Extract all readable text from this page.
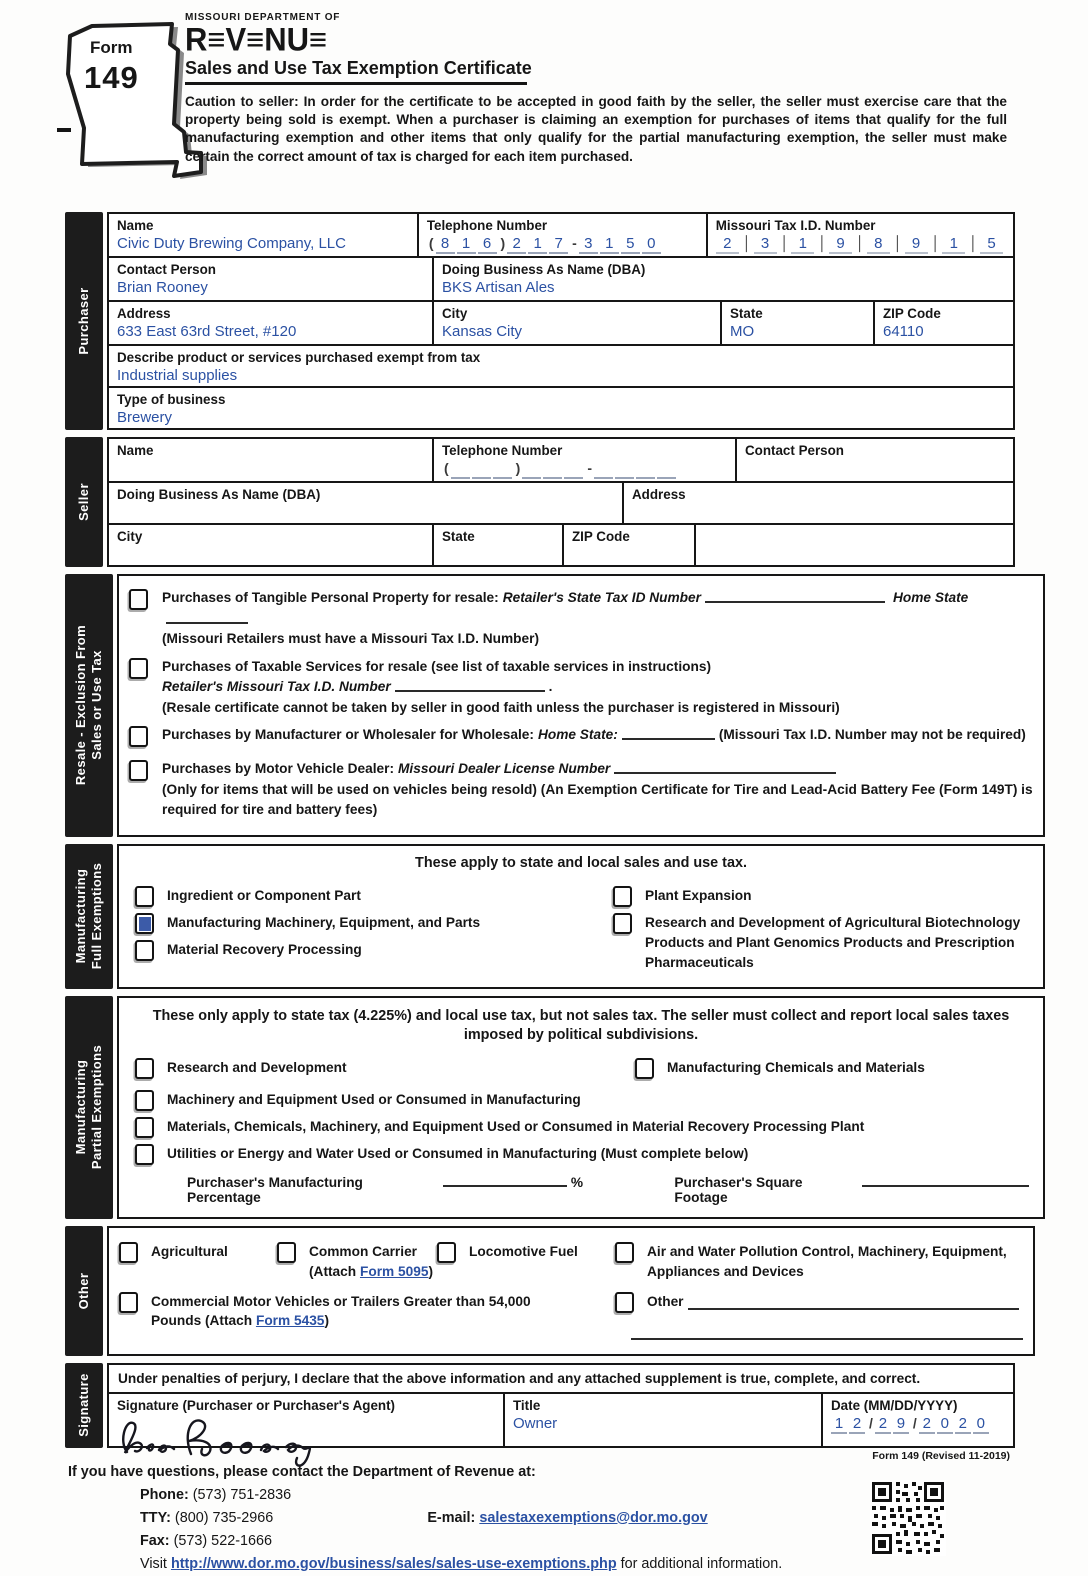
Form
149
MISSOURI DEPARTMENT OF
R≡V≡NU≡
Sales and Use Tax Exemption Certificate
Caution to seller: In order for the certificate to be accepted in good faith by the seller, the seller must exercise care that the property being sold is exempt. When a purchaser is claiming an exemption for purchases of items that qualify for the full manufacturing exemption and other items that only qualify for the partial manufacturing exemption, the seller must make certain the correct amount of tax is charged for each item purchased.
Purchaser
Name
Civic Duty Brewing Company, LLC
Telephone Number
( 8 1 6 ) 2 1 7 - 3 1 5 0
Missouri Tax I.D. Number
2 │ 3 │ 1 │ 9 │ 8 │ 9 │ 1 │ 5
Contact Person
Brian Rooney
Doing Business As Name (DBA)
BKS Artisan Ales
Address
633 East 63rd Street, #120
City
Kansas City
State
MO
ZIP Code
64110
Describe product or services purchased exempt from tax
Industrial supplies
Type of business
Brewery
Seller
Name	Telephone Number
(	)	-
Contact Person
Doing Business As Name (DBA)	Address
City	State	ZIP Code
Resale - Exclusion From Sales or Use Tax
Purchases of Tangible Personal Property for resale: Retailer's State Tax ID Number	Home State
(Missouri Retailers must have a Missouri Tax I.D. Number)
Purchases of Taxable Services for resale (see list of taxable services in instructions)
Retailer's Missouri Tax I.D. Number	.
(Resale certificate cannot be taken by seller in good faith unless the purchaser is registered in Missouri)
Purchases by Manufacturer or Wholesaler for Wholesale: Home State:	(Missouri Tax I.D. Number may not be required)
Purchases by Motor Vehicle Dealer: Missouri Dealer License Number
(Only for items that will be used on vehicles being resold) (An Exemption Certificate for Tire and Lead-Acid Battery Fee (Form 149T) is required for tire and battery fees)
Manufacturing Full Exemptions
These apply to state and local sales and use tax.
Ingredient or Component Part
Manufacturing Machinery, Equipment, and Parts
Material Recovery Processing
Plant Expansion
Research and Development of Agricultural Biotechnology Products and Plant Genomics Products and Prescription Pharmaceuticals
Manufacturing Partial Exemptions
These only apply to state tax (4.225%) and local use tax, but not sales tax. The seller must collect and report local sales taxes imposed by political subdivisions.
Research and Development	Manufacturing Chemicals and Materials
Machinery and Equipment Used or Consumed in Manufacturing
Materials, Chemicals, Machinery, and Equipment Used or Consumed in Material Recovery Processing Plant
Utilities or Energy and Water Used or Consumed in Manufacturing (Must complete below)
Purchaser's Manufacturing Percentage
%	Purchaser's Square Footage
Other
Agricultural	Common Carrier
(Attach Form 5095)
Locomotive Fuel	Air and Water Pollution Control, Machinery, Equipment, Appliances and Devices
Commercial Motor Vehicles or Trailers Greater than 54,000
Pounds (Attach Form 5435)
Other
Signature	Under penalties of perjury, I declare that the above information and any attached supplement is true, complete, and correct.
Signature (Purchaser or Purchaser's Agent)	Title
Owner
Date (MM/DD/YYYY)
1 2 / 2 9 / 2 0 2 0
Form 149 (Revised 11-2019)
If you have questions, please contact the Department of Revenue at:
Phone: (573) 751-2836
TTY: (800) 735-2966	E-mail: salestaxexemptions@dor.mo.gov
Fax: (573) 522-1666
Visit http://www.dor.mo.gov/business/sales/sales-use-exemptions.php for additional information.
